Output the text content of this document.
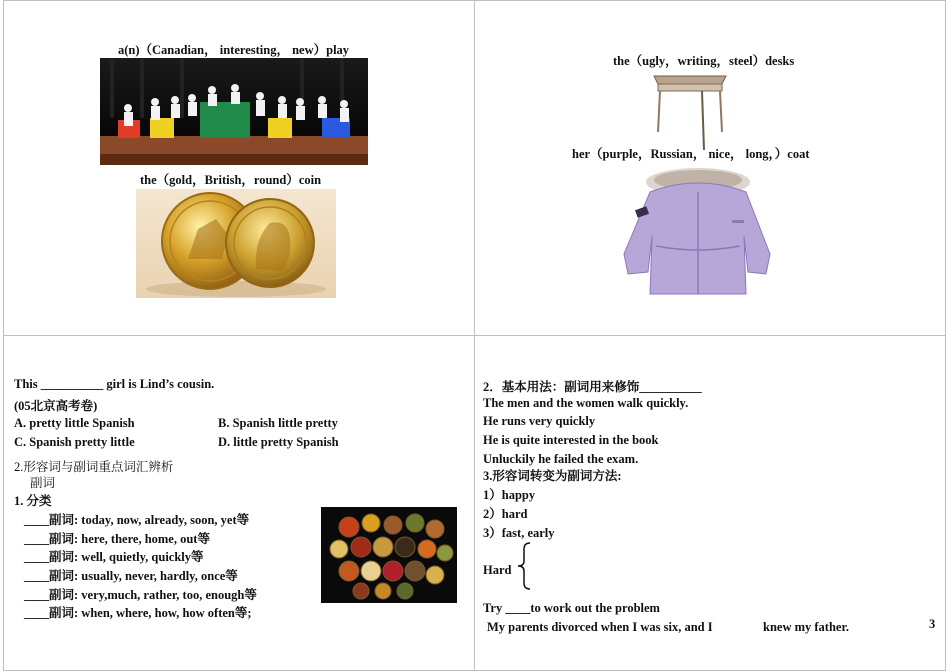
a(n)（Canadian， interesting， new）play
the（gold，British，round）coin
the（ugly，writing，steel）desks
her（purple，Russian， nice， long，）coat
This __________ girl is Lind’s cousin.
(05北京高考卷)
A. pretty little Spanish	B. Spanish little pretty
C. Spanish pretty little	D. little pretty Spanish
2.形容词与副词重点词汇辨析
副词
1. 分类
____副词: today, now, already, soon, yet等
____副词: here, there, home, out等
____副词: well, quietly, quickly等
____副词: usually, never, hardly, once等
____副词: very,much, rather, too, enough等
____副词: when, where, how, how often等;
2．基本用法：副词用来修饰__________
The men and the women walk quickly.
He runs very quickly
He is quite interested in the book
Unluckily he failed the exam.
3.形容词转变为副词方法:
1）happy
2）hard
3）fast, early
Hard
Try ____to work out the problem
My parents divorced when I was six, and I	knew my father.	3
